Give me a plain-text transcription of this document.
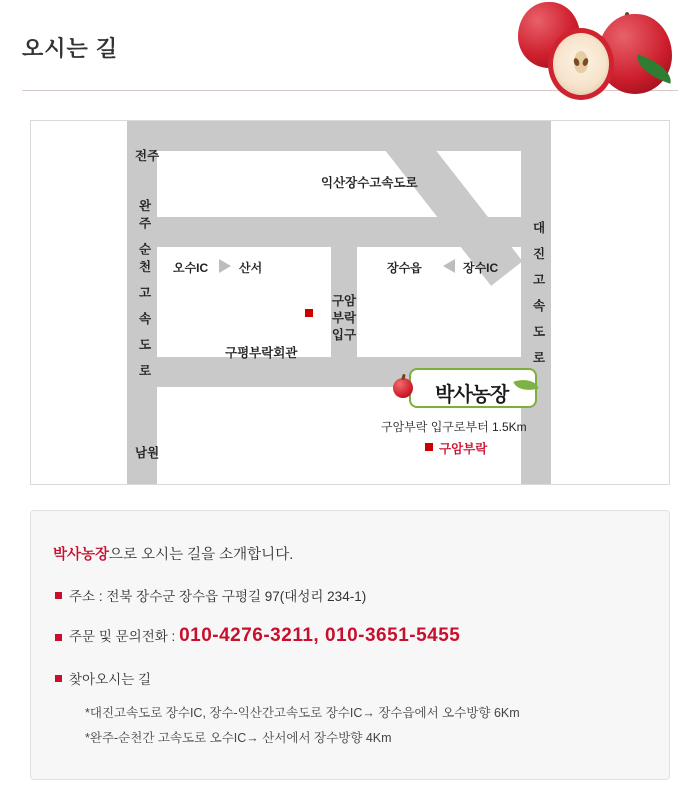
오시는 길
익산장수고속도로
완주 순천 고 속 도 로	대 진 고 속 도 로
전주
남원
오수IC	산서	장수읍	장수IC
구평부락회관
구암
부락
입구
박사농장
구암부락 입구로부터 1.5Km
구암부락
박사농장으로 오시는 길을 소개합니다.
주소 : 전북 장수군 장수읍 구평길 97(대성리 234-1)
주문 및 문의전화 : 010-4276-3211, 010-3651-5455
찾아오시는 길
*대진고속도로 장수IC, 장수-익산간고속도로 장수IC→ 장수읍에서 오수방향 6Km
*완주-순천간 고속도로 오수IC→ 산서에서 장수방향 4Km
